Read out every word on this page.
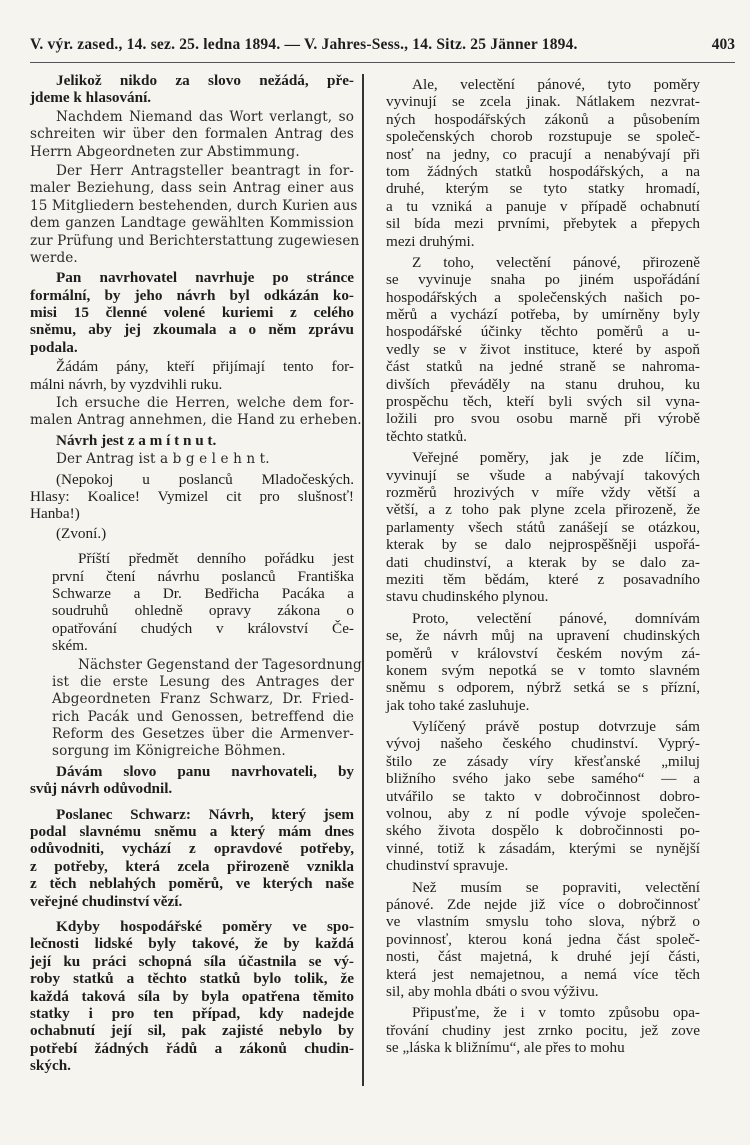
V. výr. zased., 14. sez. 25. ledna 1894. — V. Jahres-Sess., 14. Sitz. 25 Jänner 1894.	403
Jelikož nikdo za slovo nežádá, pře-
jdeme k hlasování.
Nachdem Niemand das Wort verlangt, so
schreiten wir über den formalen Antrag des
Herrn Abgeordneten zur Abstimmung.
Der Herr Antragsteller beantragt in for-
maler Beziehung, dass sein Antrag einer aus
15 Mitgliedern bestehenden, durch Kurien aus
dem ganzen Landtage gewählten Kommission
zur Prüfung und Berichterstattung zugewiesen
werde.
Pan navrhovatel navrhuje po stránce
formální, by jeho návrh byl odkázán ko-
misi 15 členné volené kuriemi z celého
sněmu, aby jej zkoumala a o něm zprávu
podala.
Žádám pány, kteří přijímají tento for-
málni návrh, by vyzdvihli ruku.
Ich ersuche die Herren, welche dem for-
malen Antrag annehmen, die Hand zu erheben.
Návrh jest z a m í t n u t.
Der Antrag ist a b g e l e h n t.
(Nepokoj u poslanců Mladočeských.
Hlasy: Koalice! Vymizel cit pro slušnosť!
Hanba!)
(Zvoní.)
Příští předmět denního pořádku jest
první čtení návrhu poslanců Františka
Schwarze a Dr. Bedřicha Pacáka a
soudruhů ohledně opravy zákona o
opatřování chudých v království Če-
ském.
Nächster Gegenstand der Tagesordnung
ist die erste Lesung des Antrages der
Abgeordneten Franz Schwarz, Dr. Fried-
rich Pacák und Genossen, betreffend die
Reform des Gesetzes über die Armenver-
sorgung im Königreiche Böhmen.
Dávám slovo panu navrhovateli, by
svůj návrh odůvodnil.
Poslanec Schwarz: Návrh, který jsem
podal slavnému sněmu a který mám dnes
odůvodniti, vychází z opravdové potřeby,
z potřeby, která zcela přirozeně vznikla
z těch neblahých poměrů, ve kterých naše
veřejné chudinství vězí.
Kdyby hospodářské poměry ve spo-
lečnosti lidské byly takové, že by každá
její ku práci schopná síla účastnila se vý-
roby statků a těchto statků bylo tolik, že
každá taková síla by byla opatřena těmito
statky i pro ten případ, kdy nadejde
ochabnutí její sil, pak zajisté nebylo by
potřebí žádných řádů a zákonů chudin-
ských.
Ale, velectění pánové, tyto poměry
vyvinují se zcela jinak. Nátlakem nezvrat-
ných hospodářských zákonů a působením
společenských chorob rozstupuje se společ-
nosť na jedny, co pracují a nenabývají při
tom žádných statků hospodářských, a na
druhé, kterým se tyto statky hromadí,
a tu vzniká a panuje v případě ochabnutí
sil bída mezi prvními, přebytek a přepych
mezi druhými.
Z toho, velectění pánové, přirozeně
se vyvinuje snaha po jiném uspořádání
hospodářských a společenských našich po-
měrů a vychází potřeba, by umírněny byly
hospodářské účinky těchto poměrů a u-
vedly se v život instituce, které by aspoň
část statků na jedné straně se nahroma-
divších převáděly na stanu druhou, ku
prospěchu těch, kteří byli svých sil vyna-
ložili pro svou osobu marně při výrobě
těchto statků.
Veřejné poměry, jak je zde líčim,
vyvinují se všude a nabývají takových
rozměrů hrozivých v míře vždy větší a
větší, a z toho pak plyne zcela přirozeně, že
parlamenty všech států zanášejí se otázkou,
kterak by se dalo nejprospěšněji uspořá-
dati chudinství, a kterak by se dalo za-
meziti těm bědám, které z posavadního
stavu chudinského plynou.
Proto, velectění pánové, domnívám
se, že návrh můj na upravení chudinských
poměrů v království českém novým zá-
konem svým nepotká se v tomto slavném
sněmu s odporem, nýbrž setká se s přízní,
jak toho také zasluhuje.
Vylíčený právě postup dotvrzuje sám
vývoj našeho českého chudinství. Vyprý-
štilo ze zásady víry křesťanské „miluj
bližního svého jako sebe samého“ — a
utvářilo se takto v dobročinnost dobro-
volnou, aby z ní podle vývoje společen-
ského života dospělo k dobročinnosti po-
vinné, totiž k zásadám, kterými se nynější
chudinství spravuje.
Než musím se popraviti, velectění
pánové. Zde nejde již více o dobročinnosť
ve vlastním smyslu toho slova, nýbrž o
povinnosť, kterou koná jedna část společ-
nosti, část majetná, k druhé její části,
která jest nemajetnou, a nemá více těch
sil, aby mohla dbáti o svou výživu.
Připusťme, že i v tomto způsobu opa-
třování chudiny jest zrnko pocitu, jež zove
se „láska k bližnímu“, ale přes to mohu
